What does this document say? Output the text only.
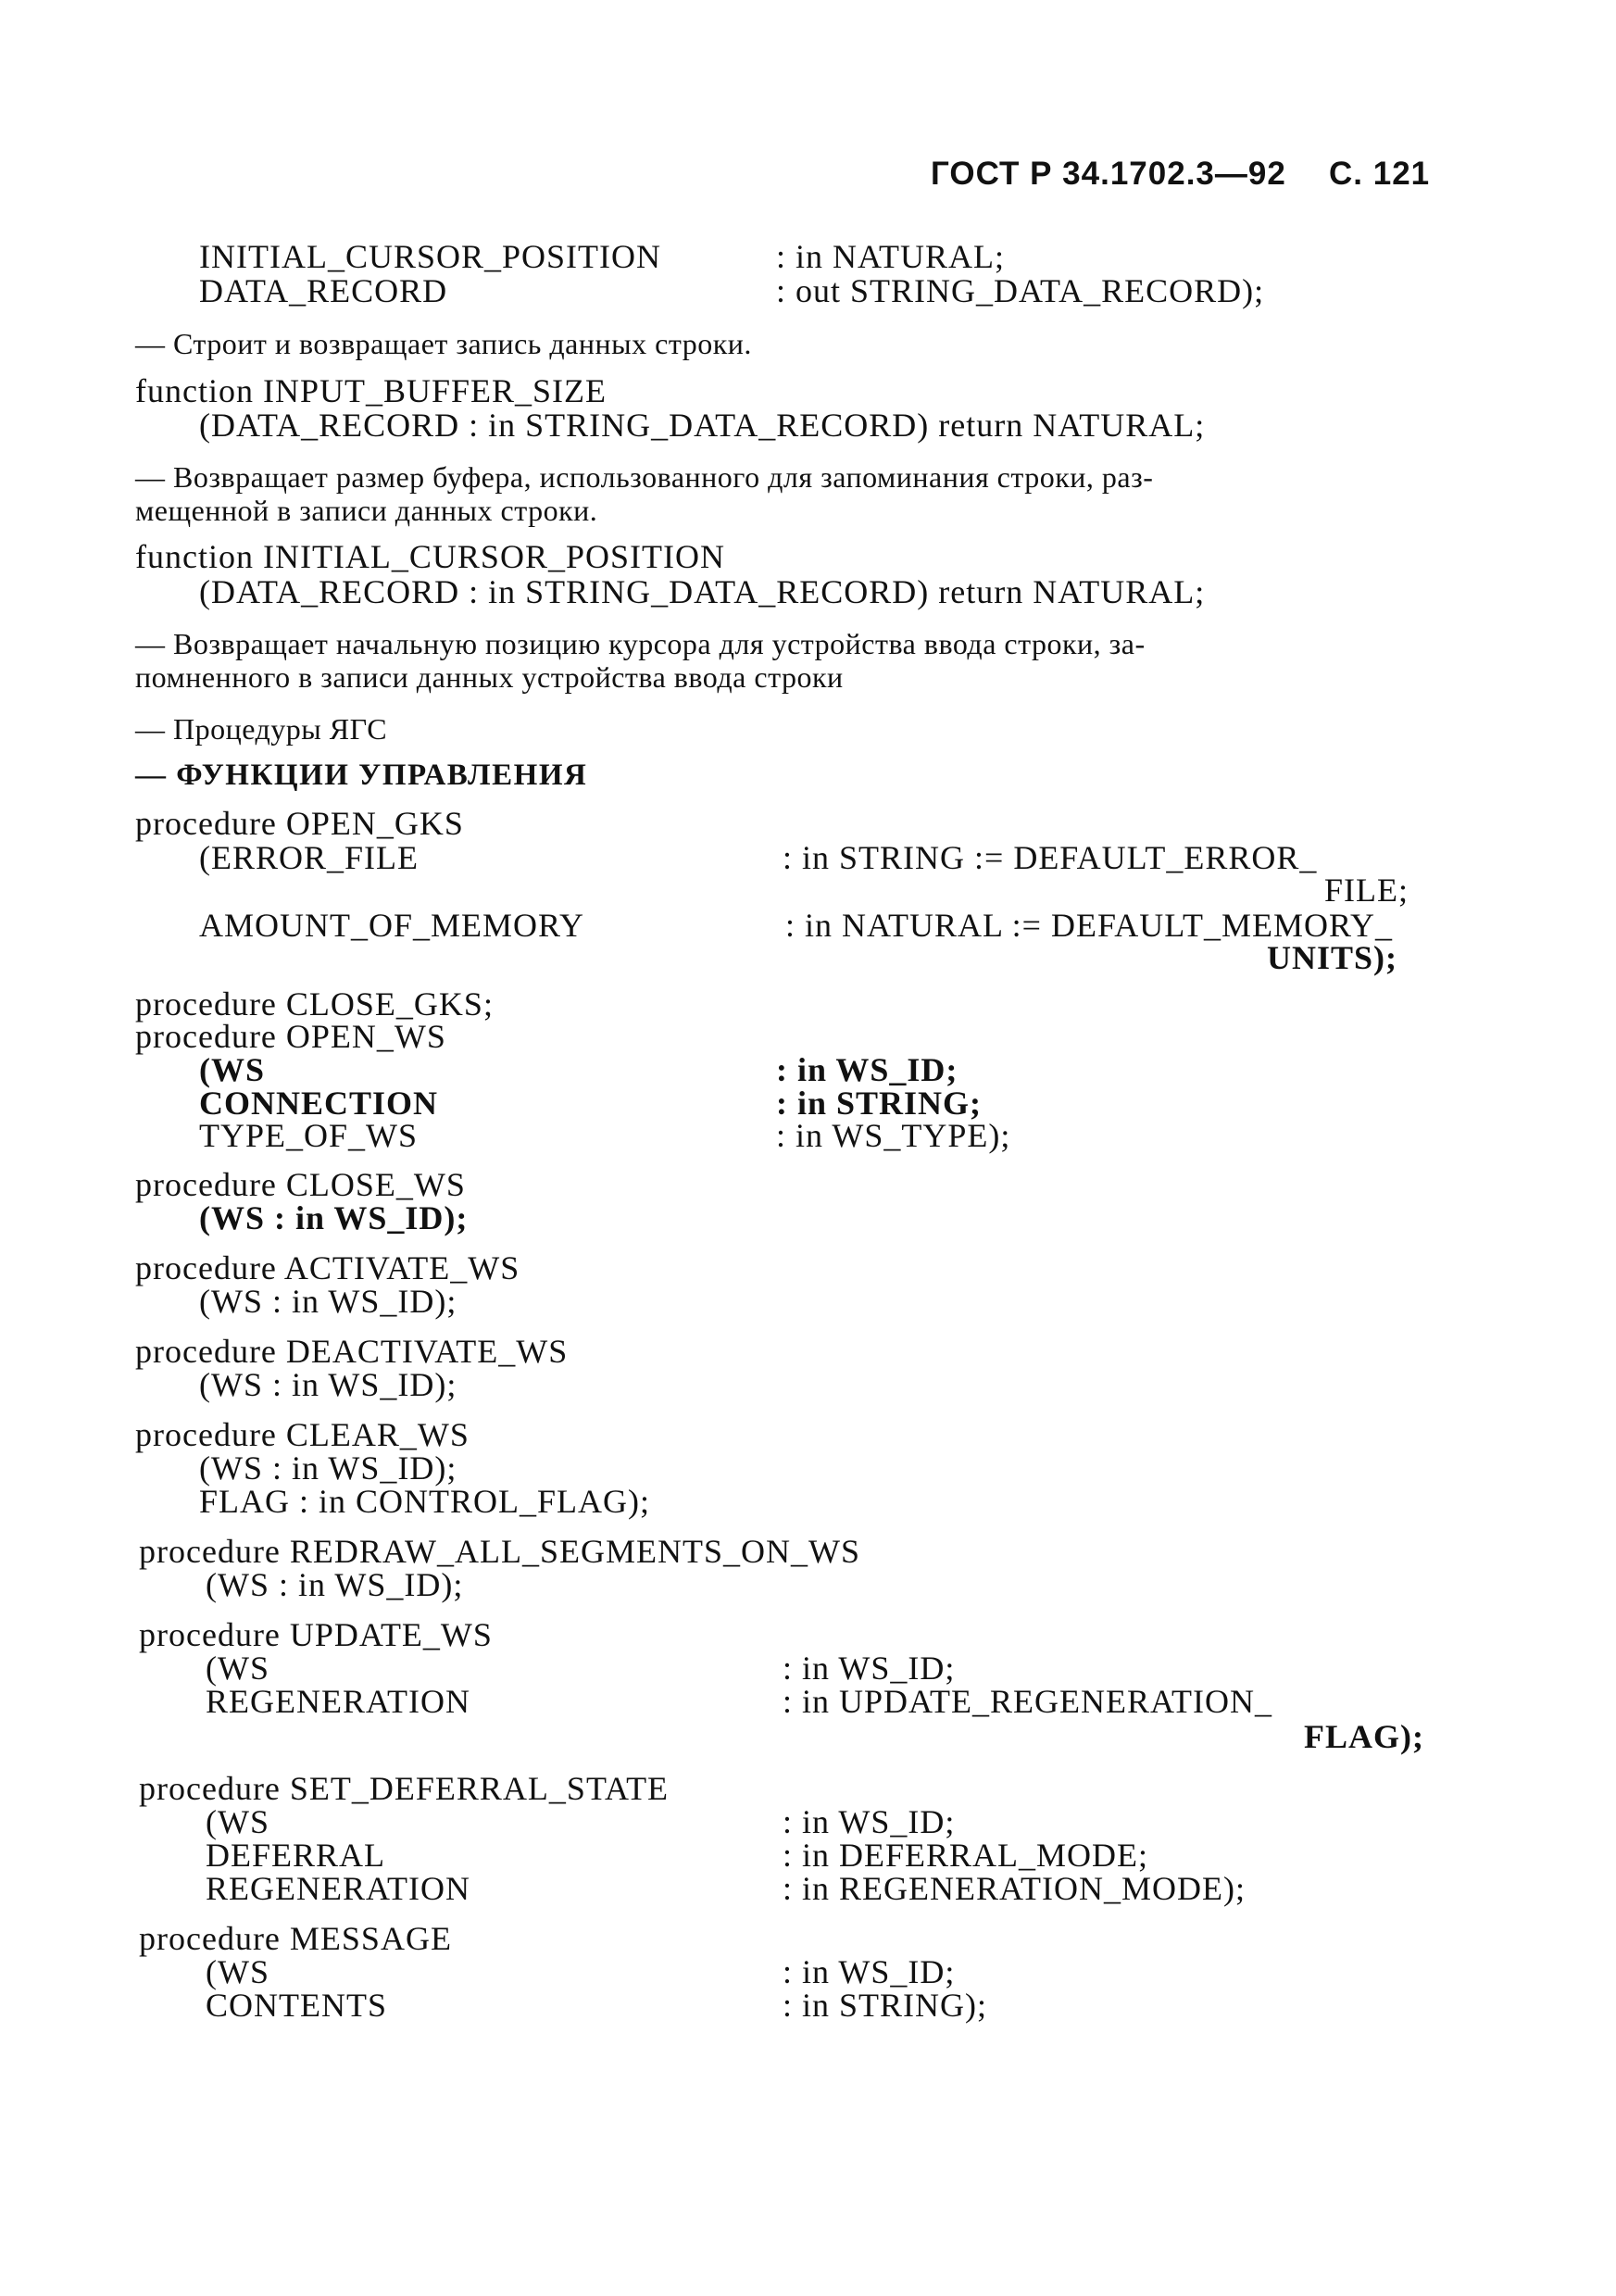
ГОСТ Р 34.1702.3—92 С. 121
INITIAL_CURSOR_POSITION	: in NATURAL;
DATA_RECORD	: out STRING_DATA_RECORD);
— Строит и возвращает запись данных строки.
function INPUT_BUFFER_SIZE
(DATA_RECORD : in STRING_DATA_RECORD) return NATURAL;
— Возвращает размер буфера, использованного для запоминания строки, раз-
мещенной в записи данных строки.
function INITIAL_CURSOR_POSITION
(DATA_RECORD : in STRING_DATA_RECORD) return NATURAL;
— Возвращает начальную позицию курсора для устройства ввода строки, за-
помненного в записи данных устройства ввода строки
— Процедуры ЯГС
— ФУНКЦИИ УПРАВЛЕНИЯ
procedure OPEN_GKS
(ERROR_FILE	: in STRING := DEFAULT_ERROR_
FILE;
AMOUNT_OF_MEMORY	: in NATURAL := DEFAULT_MEMORY_
UNITS);
procedure CLOSE_GKS;
procedure OPEN_WS
(WS	: in WS_ID;
CONNECTION	: in STRING;
TYPE_OF_WS	: in WS_TYPE);
procedure CLOSE_WS
(WS : in WS_ID);
procedure ACTIVATE_WS
(WS : in WS_ID);
procedure DEACTIVATE_WS
(WS : in WS_ID);
procedure CLEAR_WS
(WS : in WS_ID);
FLAG : in CONTROL_FLAG);
procedure REDRAW_ALL_SEGMENTS_ON_WS
(WS : in WS_ID);
procedure UPDATE_WS
(WS	: in WS_ID;
REGENERATION	: in UPDATE_REGENERATION_
FLAG);
procedure SET_DEFERRAL_STATE
(WS	: in WS_ID;
DEFERRAL	: in DEFERRAL_MODE;
REGENERATION	: in REGENERATION_MODE);
procedure MESSAGE
(WS	: in WS_ID;
CONTENTS	: in STRING);
